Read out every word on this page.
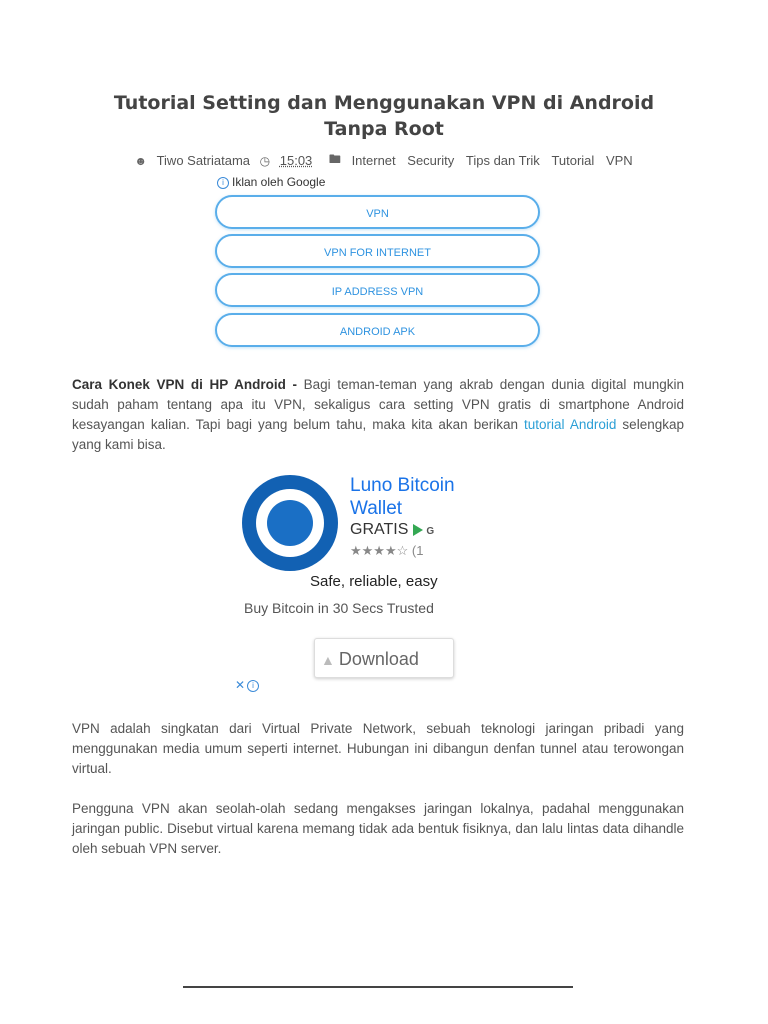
Tutorial Setting dan Menggunakan VPN di Android Tanpa Root
☻ Tiwo Satriatama ◷ 15:03 🖿 Internet Security Tips dan Trik Tutorial VPN
i Iklan oleh Google
VPN
VPN FOR INTERNET
IP ADDRESS VPN
ANDROID APK

Cara Konek VPN di HP Android - Bagi teman-teman yang akrab dengan dunia digital mungkin sudah paham tentang apa itu VPN, sekaligus cara setting VPN gratis di smartphone Android kesayangan kalian. Tapi bagi yang belum tahu, maka kita akan berikan tutorial Android selengkap yang kami bisa.

Luno Bitcoin
Wallet
GRATIS G
★★★★☆ (1
Safe, reliable, easy
Buy Bitcoin in 30 Secs Trusted
▲ Download
✕ i

VPN adalah singkatan dari Virtual Private Network, sebuah teknologi jaringan pribadi yang menggunakan media umum seperti internet. Hubungan ini dibangun denfan tunnel atau terowongan virtual.

Pengguna VPN akan seolah-olah sedang mengakses jaringan lokalnya, padahal menggunakan jaringan public. Disebut virtual karena memang tidak ada bentuk fisiknya, dan lalu lintas data dihandle oleh sebuah VPN server.
